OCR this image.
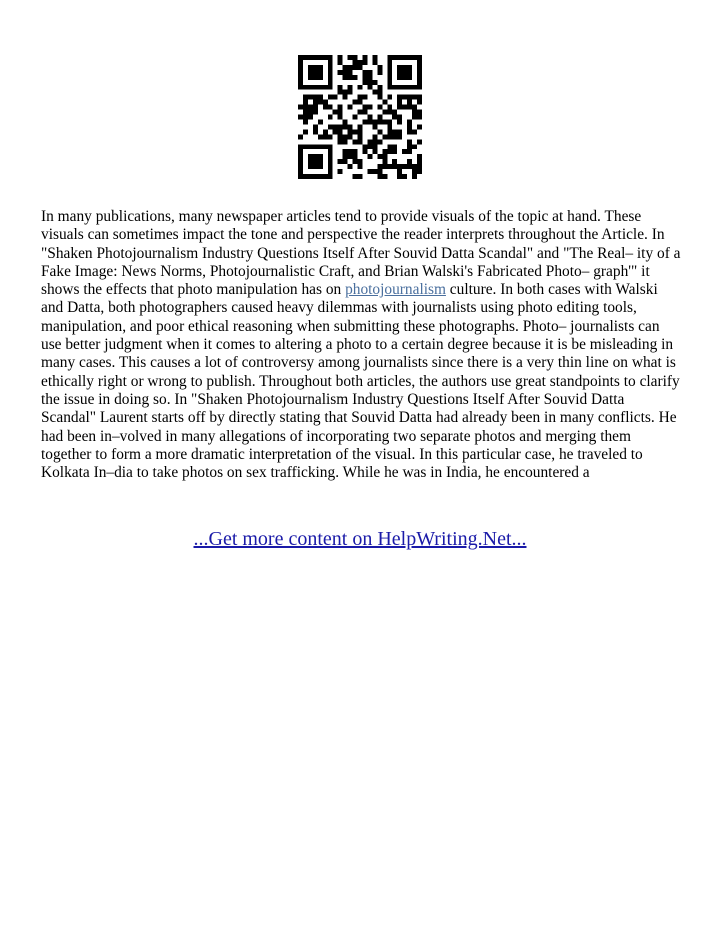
In many publications, many newspaper articles tend to provide visuals of the topic at hand. These visuals can sometimes impact the tone and perspective the reader interprets throughout the Article. In "Shaken Photojournalism Industry Questions Itself After Souvid Datta Scandal" and "The Real– ity of a Fake Image: News Norms, Photojournalistic Craft, and Brian Walski's Fabricated Photo– graph'" it shows the effects that photo manipulation has on photojournalism culture. In both cases with Walski and Datta, both photographers caused heavy dilemmas with journalists using photo editing tools, manipulation, and poor ethical reasoning when submitting these photographs. Photo– journalists can use better judgment when it comes to altering a photo to a certain degree because it is be misleading in many cases. This causes a lot of controversy among journalists since there is a very thin line on what is ethically right or wrong to publish. Throughout both articles, the authors use great standpoints to clarify the issue in doing so. In "Shaken Photojournalism Industry Questions Itself After Souvid Datta Scandal" Laurent starts off by directly stating that Souvid Datta had already been in many conflicts. He had been in–volved in many allegations of incorporating two separate photos and merging them together to form a more dramatic interpretation of the visual. In this particular case, he traveled to Kolkata In–dia to take photos on sex trafficking. While he was in India, he encountered a

...Get more content on HelpWriting.Net...
